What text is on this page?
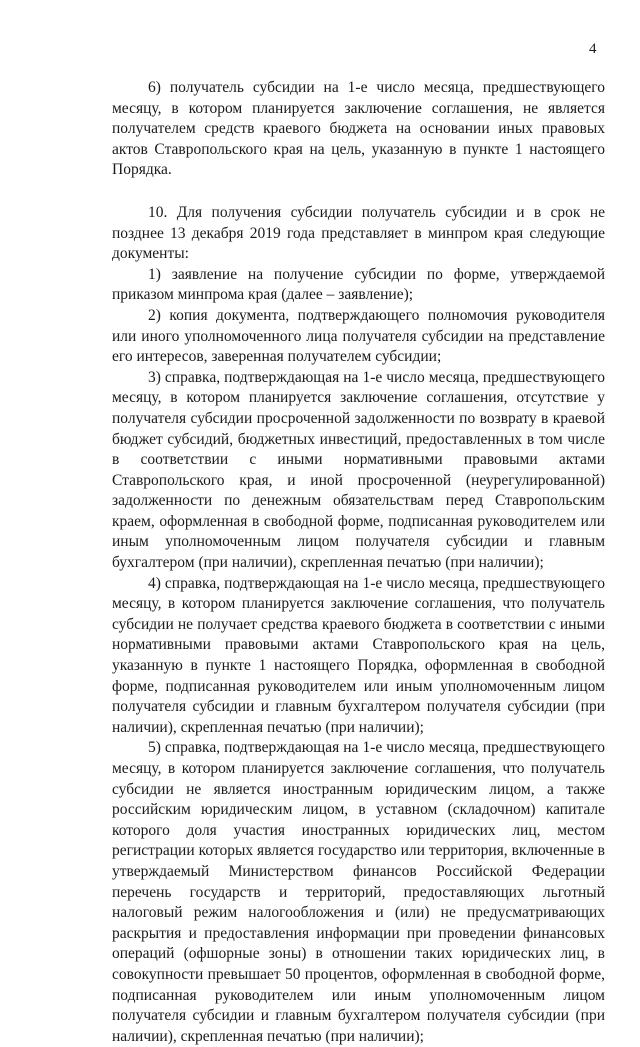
4

6) получатель субсидии на 1-е число месяца, предшествующего месяцу, в котором планируется заключение соглашения, не является получателем средств краевого бюджета на основании иных правовых актов Ставропольского края на цель, указанную в пункте 1 настоящего Порядка.

10. Для получения субсидии получатель субсидии и в срок не позднее 13 декабря 2019 года представляет в минпром края следующие документы:

1) заявление на получение субсидии по форме, утверждаемой приказом минпрома края (далее – заявление);

2) копия документа, подтверждающего полномочия руководителя или иного уполномоченного лица получателя субсидии на представление его интересов, заверенная получателем субсидии;

3) справка, подтверждающая на 1-е число месяца, предшествующего месяцу, в котором планируется заключение соглашения, отсутствие у получателя субсидии просроченной задолженности по возврату в краевой бюджет субсидий, бюджетных инвестиций, предоставленных в том числе в соответствии с иными нормативными правовыми актами Ставропольского края, и иной просроченной (неурегулированной) задолженности по денежным обязательствам перед Ставропольским краем, оформленная в свободной форме, подписанная руководителем или иным уполномоченным лицом получателя субсидии и главным бухгалтером (при наличии), скрепленная печатью (при наличии);

4) справка, подтверждающая на 1-е число месяца, предшествующего месяцу, в котором планируется заключение соглашения, что получатель субсидии не получает средства краевого бюджета в соответствии с иными нормативными правовыми актами Ставропольского края на цель, указанную в пункте 1 настоящего Порядка, оформленная в свободной форме, подписанная руководителем или иным уполномоченным лицом получателя субсидии и главным бухгалтером получателя субсидии (при наличии), скрепленная печатью (при наличии);

5) справка, подтверждающая на 1-е число месяца, предшествующего месяцу, в котором планируется заключение соглашения, что получатель субсидии не является иностранным юридическим лицом, а также российским юридическим лицом, в уставном (складочном) капитале которого доля участия иностранных юридических лиц, местом регистрации которых является государство или территория, включенные в утверждаемый Министерством финансов Российской Федерации перечень государств и территорий, предоставляющих льготный налоговый режим налогообложения и (или) не предусматривающих раскрытия и предоставления информации при проведении финансовых операций (офшорные зоны) в отношении таких юридических лиц, в совокупности превышает 50 процентов, оформленная в свободной форме, подписанная руководителем или иным уполномоченным лицом получателя субсидии и главным бухгалтером получателя субсидии (при наличии), скрепленная печатью (при наличии);
